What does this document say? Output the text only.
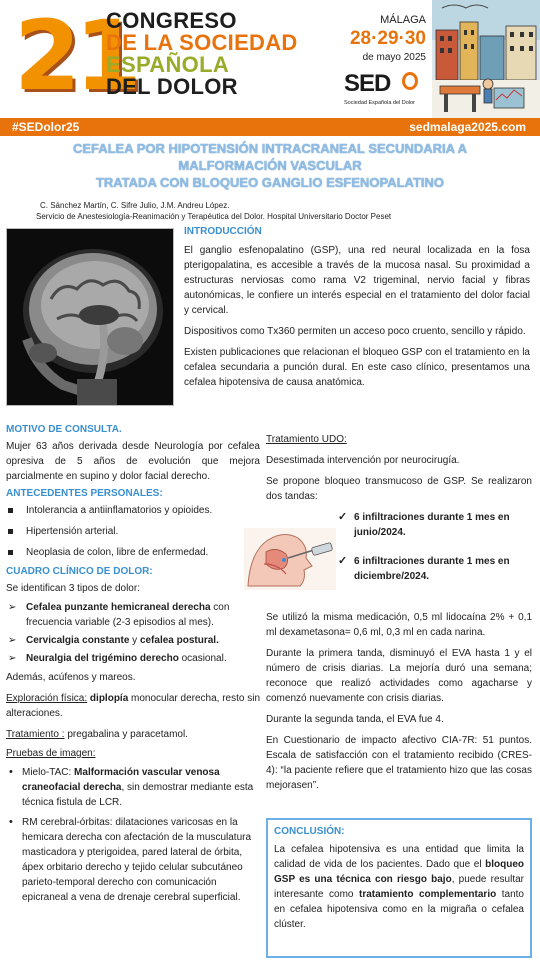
21
CONGRESO
DE LA SOCIEDAD
ESPAÑOLA
DEL DOLOR
MÁLAGA
28·29·30
de mayo 2025
SED
Sociedad Española del Dolor
#SEDolor25	sedmalaga2025.com
CEFALEA POR HIPOTENSIÓN INTRACRANEAL SECUNDARIA A
MALFORMACIÓN VASCULAR
TRATADA CON BLOQUEO GANGLIO ESFENOPALATINO
C. Sánchez Martín, C. Sifre Julio, J.M. Andreu López.
Servicio de Anestesiología-Reanimación y Terapéutica del Dolor. Hospital Universitario Doctor Peset
INTRODUCCIÓN

El ganglio esfenopalatino (GSP), una red neural localizada en la fosa pterigopalatina, es accesible a través de la mucosa nasal. Su proximidad a estructuras nerviosas como rama V2 trigeminal, nervio facial y fibras autonómicas, le confiere un interés especial en el tratamiento del dolor facial y cervical.

Dispositivos como Tx360 permiten un acceso poco cruento, sencillo y rápido.

Existen publicaciones que relacionan el bloqueo GSP con el tratamiento en la cefalea secundaria a punción dural. En este caso clínico, presentamos una cefalea hipotensiva de causa anatómica.

MOTIVO DE CONSULTA.

Mujer 63 años derivada desde Neurología por cefalea opresiva de 5 años de evolución que mejora parcialmente en supino y dolor facial derecho.

ANTECEDENTES PERSONALES:
Intolerancia a antiinflamatorios y opioides.
Hipertensión arterial.
Neoplasia de colon, libre de enfermedad.
CUADRO CLÍNICO DE DOLOR:

Se identifican 3 tipos de dolor:

➢ Cefalea punzante hemicraneal derecha con frecuencia variable (2-3 episodios al mes).
➢ Cervicalgia constante y cefalea postural.
➢ Neuralgia del trigémino derecho ocasional.

Además, acúfenos y mareos.

Exploración física: diplopía monocular derecha, resto sin alteraciones.

Tratamiento : pregabalina y paracetamol.

Pruebas de imagen:

• Mielo-TAC: Malformación vascular venosa craneofacial derecha, sin demostrar mediante esta técnica fistula de LCR.
• RM cerebral-órbitas: dilataciones varicosas en la hemicara derecha con afectación de la musculatura masticadora y pterigoidea, pared lateral de órbita, ápex orbitario derecho y tejido celular subcutáneo parieto-temporal derecho con comunicación epicraneal a vena de drenaje cerebral superficial.

Tratamiento UDO:

Desestimada intervención por neurocirugía.

Se propone bloqueo transmucoso de GSP. Se realizaron dos tandas:

✓ 6 infiltraciones durante 1 mes en junio/2024.
✓ 6 infiltraciones durante 1 mes en diciembre/2024.

Se utilizó la misma medicación, 0,5 ml lidocaína 2% + 0,1 ml dexametasona= 0,6 ml, 0,3 ml en cada narina.

Durante la primera tanda, disminuyó el EVA hasta 1 y el número de crisis diarias. La mejoría duró una semana; reconoce que realizó actividades como agacharse y comenzó nuevamente con crisis diarias.

Durante la segunda tanda, el EVA fue 4.

En Cuestionario de impacto afectivo CIA-7R: 51 puntos. Escala de satisfacción con el tratamiento recibido (CRES-4): “la paciente refiere que el tratamiento hizo que las cosas mejorasen”.

CONCLUSIÓN:

La cefalea hipotensiva es una entidad que limita la calidad de vida de los pacientes. Dado que el bloqueo GSP es una técnica con riesgo bajo, puede resultar interesante como tratamiento complementario tanto en cefalea hipotensiva como en la migraña o cefalea clúster.
